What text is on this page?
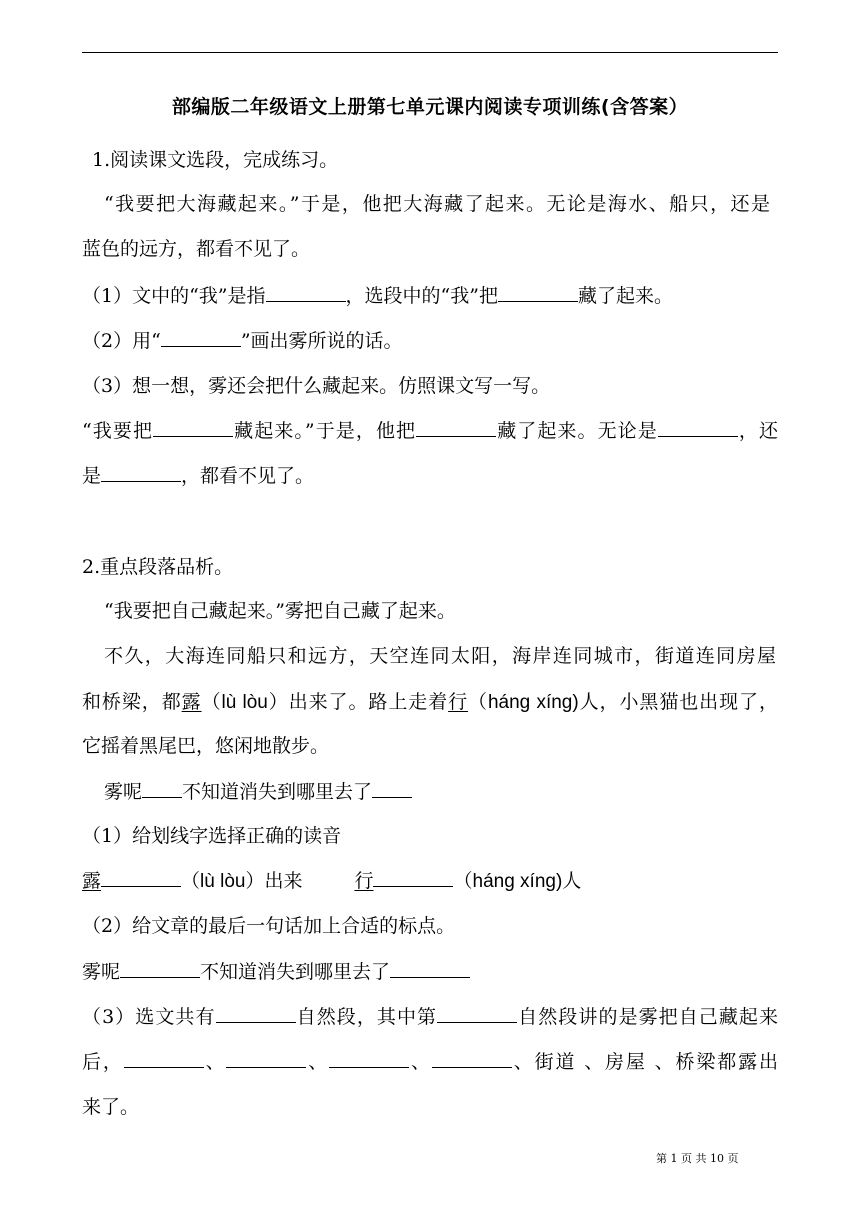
部编版二年级语文上册第七单元课内阅读专项训练(含答案）
1.阅读课文选段，完成练习。
“我要把大海藏起来。”于是，他把大海藏了起来。无论是海水、船只，还是
蓝色的远方，都看不见了。
（1）文中的“我”是指	，选段中的“我”把	藏了起来。
（2）用“	”画出雾所说的话。
（3）想一想，雾还会把什么藏起来。仿照课文写一写。
“我要把	藏起来。”于是，他把	藏了起来。无论是	，还
是	，都看不见了。
2.重点段落品析。
“我要把自己藏起来。”雾把自己藏了起来。
不久，大海连同船只和远方，天空连同太阳，海岸连同城市，街道连同房屋
和桥梁，都露（lù lòu）出来了。路上走着行（háng xíng)人，小黑猫也出现了，
它摇着黑尾巴，悠闲地散步。
雾呢 不知道消失到哪里去了
（1）给划线字选择正确的读音
露	（lù lòu）出来	行	（háng xíng)人
（2）给文章的最后一句话加上合适的标点。
雾呢	不知道消失到哪里去了
（3）选文共有	自然段，其中第	自然段讲的是雾把自己藏起来
后，	、	、	、	、街道 、房屋 、桥梁都露出
来了。
第 1 页 共 10 页
